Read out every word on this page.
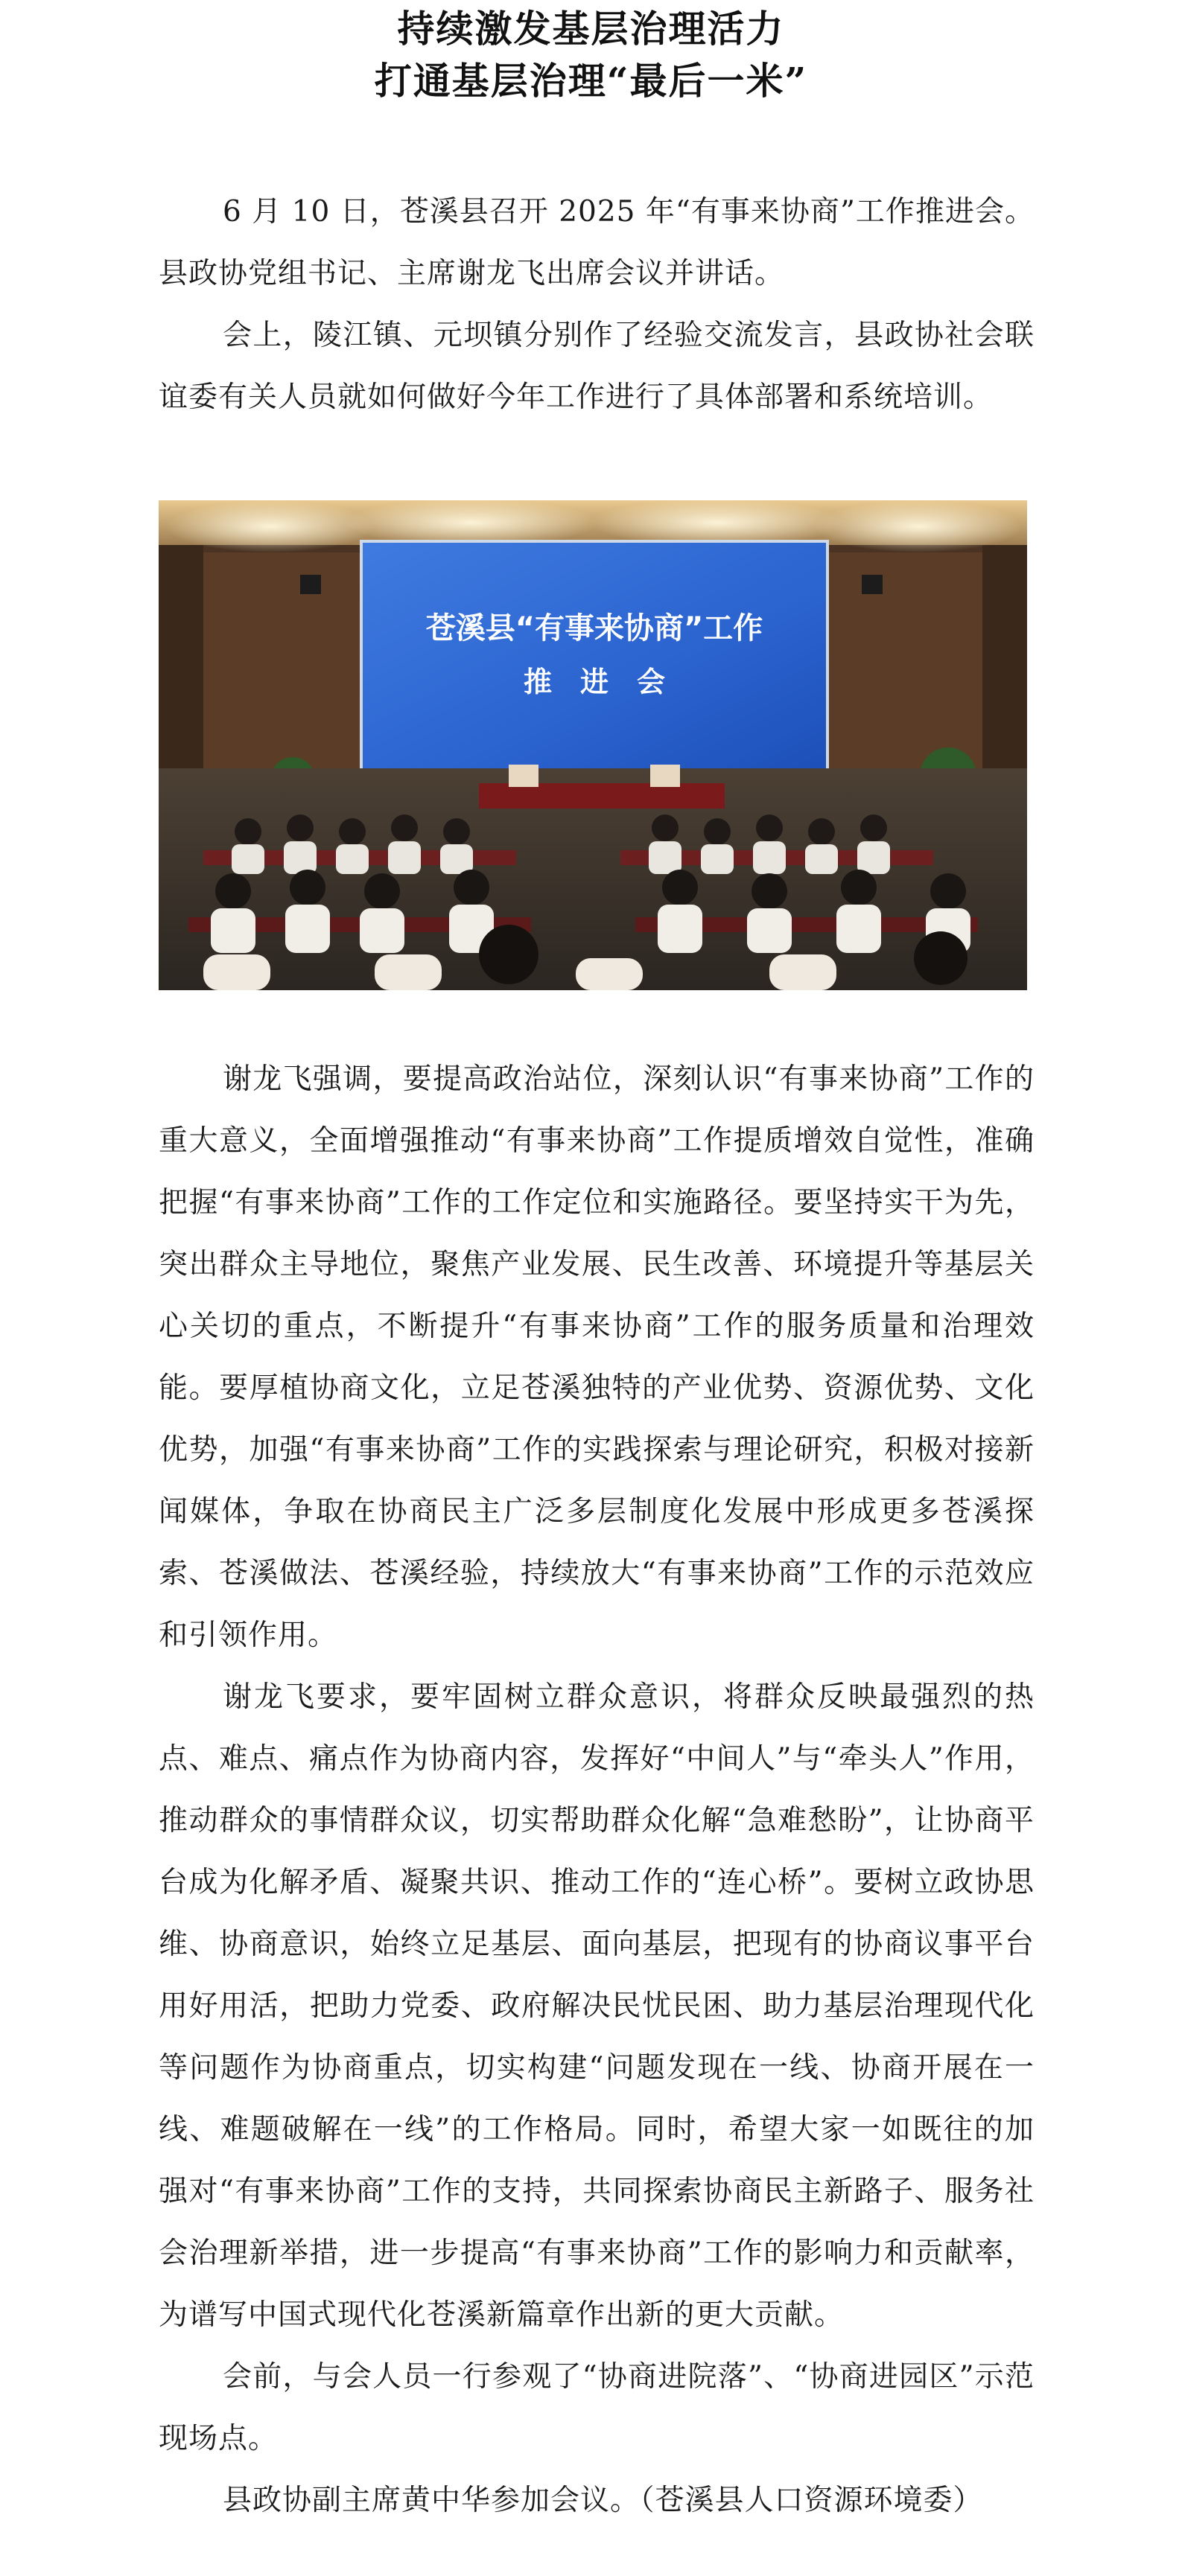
持续激发基层治理活力
打通基层治理“最后一米”

6 月 10 日，苍溪县召开 2025 年“有事来协商”工作推进会。县政协党组书记、主席谢龙飞出席会议并讲话。

会上，陵江镇、元坝镇分别作了经验交流发言，县政协社会联谊委有关人员就如何做好今年工作进行了具体部署和系统培训。

苍溪县“有事来协商”工作
推　进　会

谢龙飞强调，要提高政治站位，深刻认识“有事来协商”工作的重大意义，全面增强推动“有事来协商”工作提质增效自觉性，准确把握“有事来协商”工作的工作定位和实施路径。要坚持实干为先，突出群众主导地位，聚焦产业发展、民生改善、环境提升等基层关心关切的重点，不断提升“有事来协商”工作的服务质量和治理效能。要厚植协商文化，立足苍溪独特的产业优势、资源优势、文化优势，加强“有事来协商”工作的实践探索与理论研究，积极对接新闻媒体，争取在协商民主广泛多层制度化发展中形成更多苍溪探索、苍溪做法、苍溪经验，持续放大“有事来协商”工作的示范效应和引领作用。

谢龙飞要求，要牢固树立群众意识，将群众反映最强烈的热点、难点、痛点作为协商内容，发挥好“中间人”与“牵头人”作用，推动群众的事情群众议，切实帮助群众化解“急难愁盼”，让协商平台成为化解矛盾、凝聚共识、推动工作的“连心桥”。要树立政协思维、协商意识，始终立足基层、面向基层，把现有的协商议事平台用好用活，把助力党委、政府解决民忧民困、助力基层治理现代化等问题作为协商重点，切实构建“问题发现在一线、协商开展在一线、难题破解在一线”的工作格局。同时，希望大家一如既往的加强对“有事来协商”工作的支持，共同探索协商民主新路子、服务社会治理新举措，进一步提高“有事来协商”工作的影响力和贡献率，为谱写中国式现代化苍溪新篇章作出新的更大贡献。

会前，与会人员一行参观了“协商进院落”、“协商进园区”示范现场点。

县政协副主席黄中华参加会议。（苍溪县人口资源环境委）
